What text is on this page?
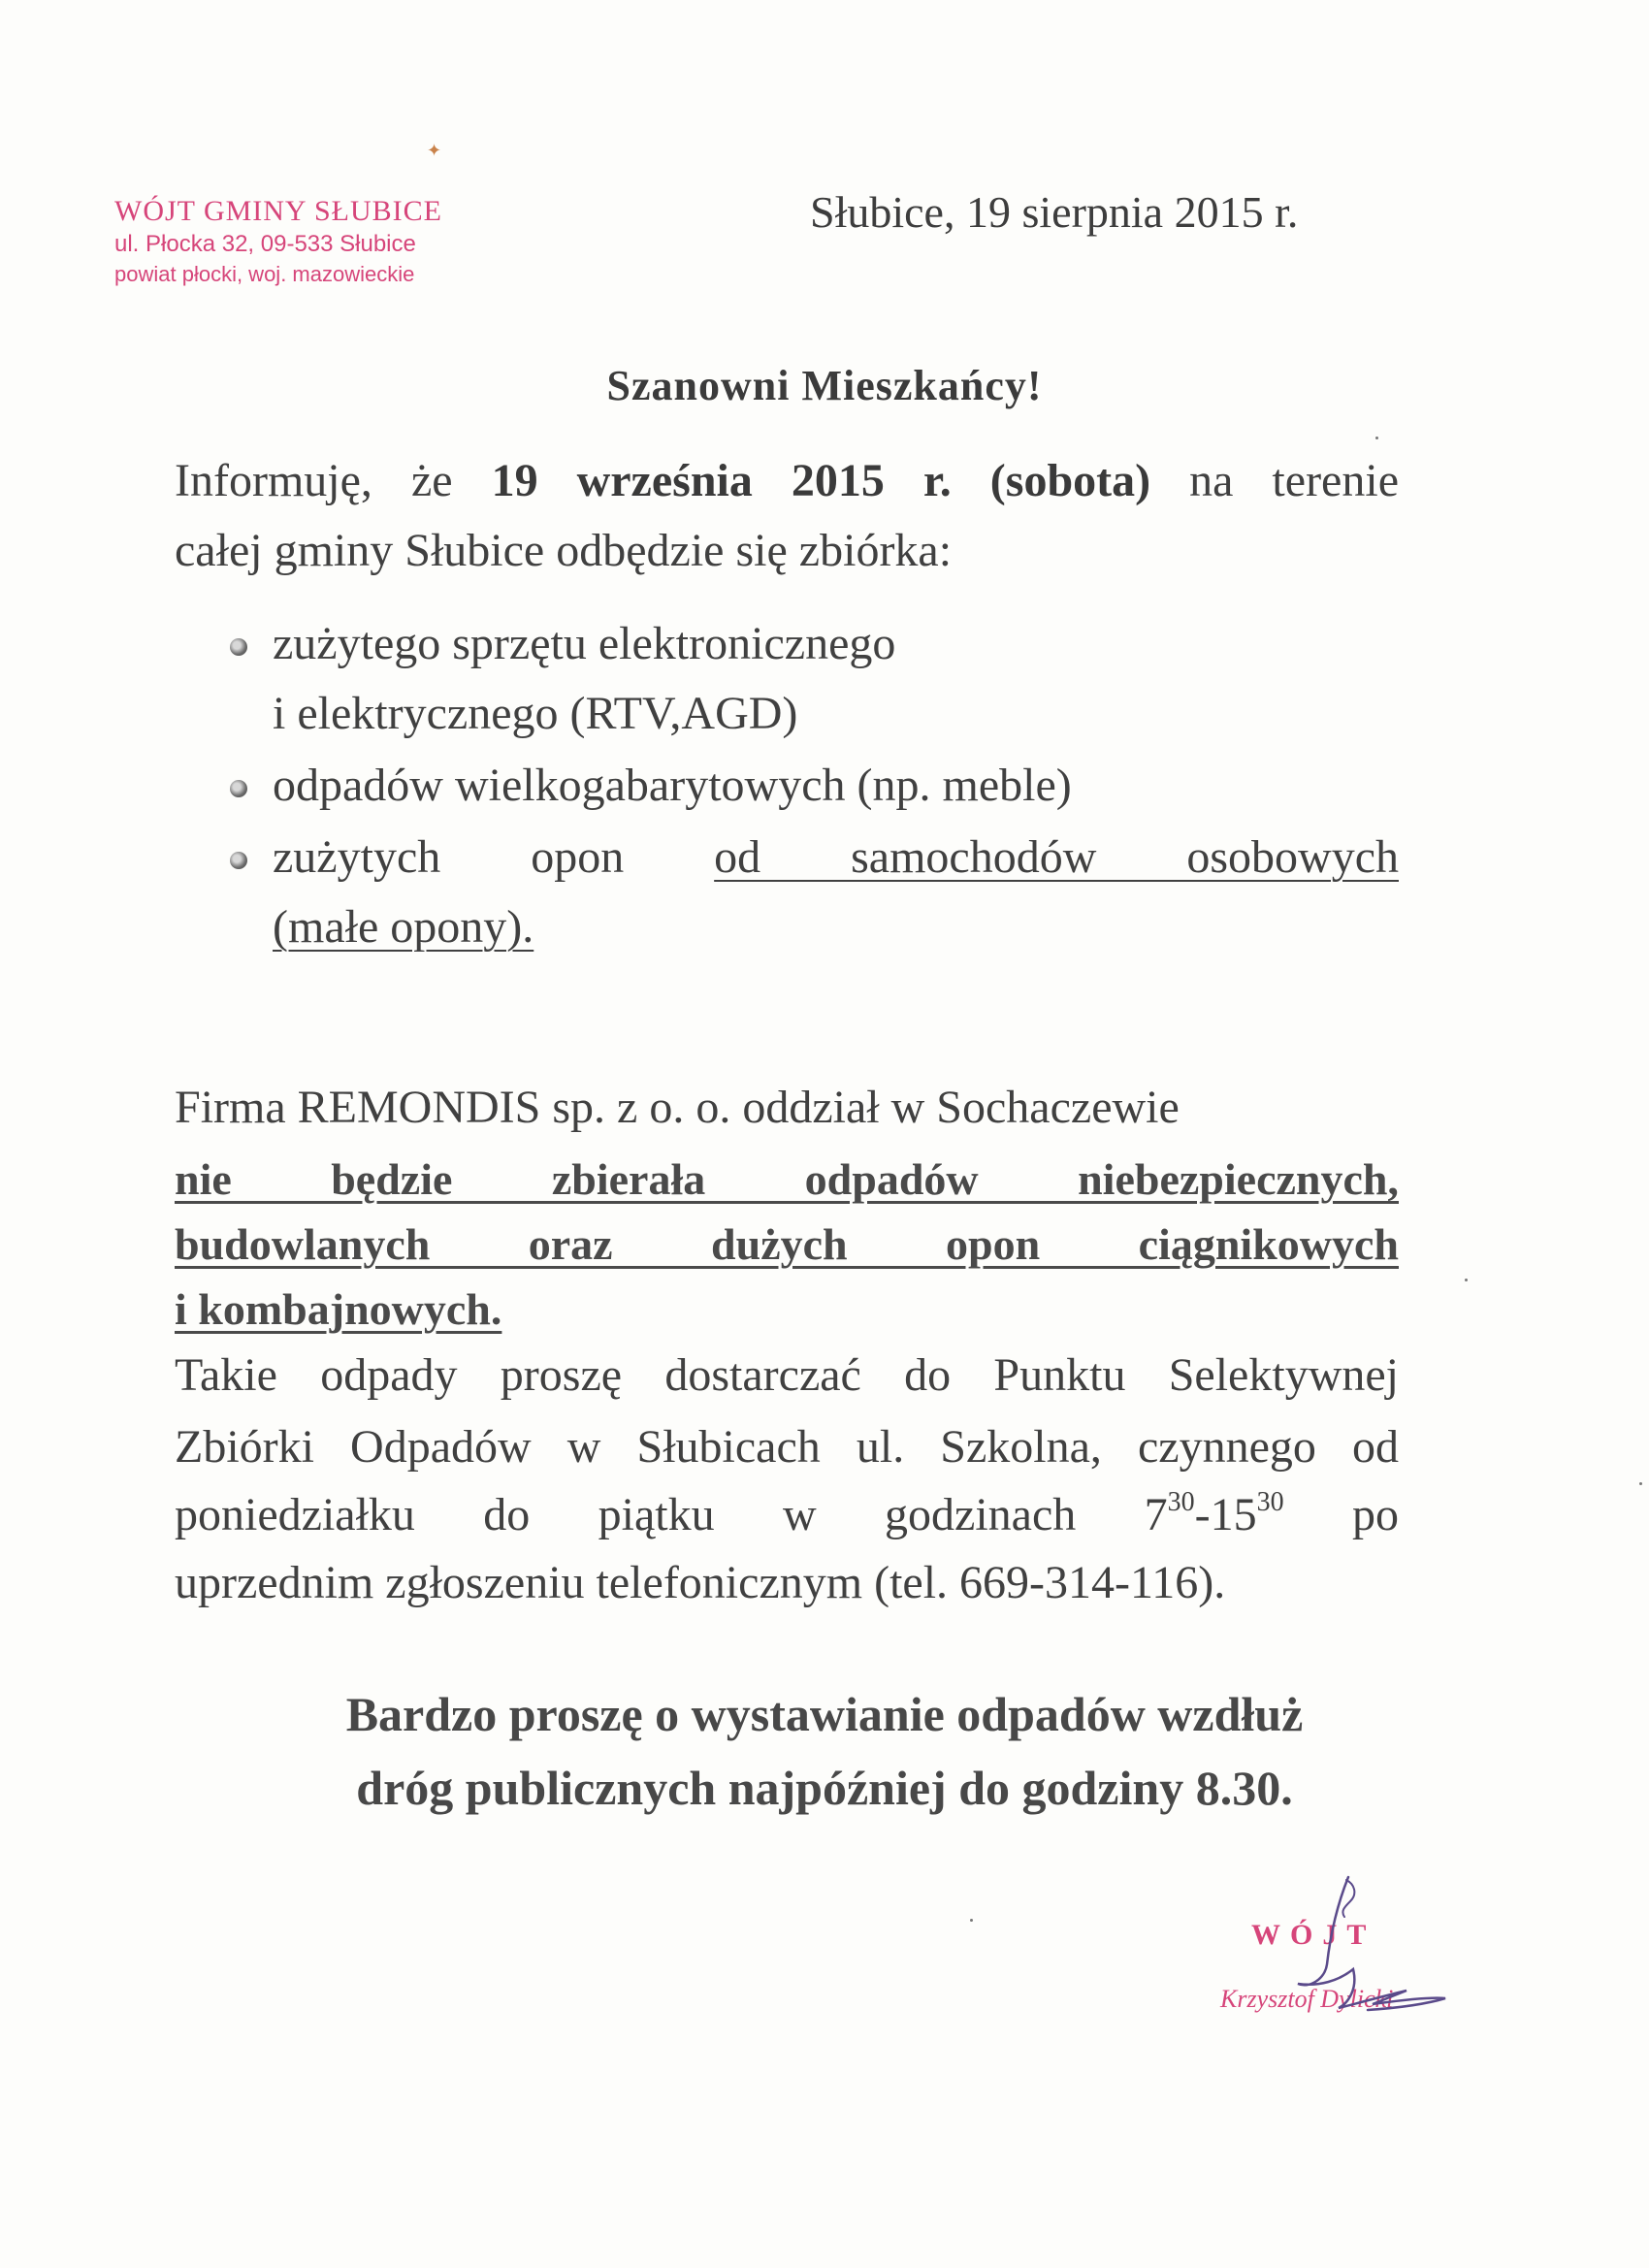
✦
WÓJT GMINY SŁUBICE
ul. Płocka 32, 09-533 Słubice
powiat płocki, woj. mazowieckie
Słubice, 19 sierpnia 2015 r.
Szanowni Mieszkańcy!
Informuję, że 19 września 2015 r. (sobota) na terenie
całej gminy Słubice odbędzie się zbiórka:
zużytego sprzętu elektronicznego
i elektrycznego (RTV,AGD)
odpadów wielkogabarytowych (np. meble)
zużytych opon od samochodów osobowych
(małe opony).
Firma REMONDIS sp. z o. o. oddział w Sochaczewie
nie będzie zbierała odpadów niebezpiecznych,
budowlanych oraz dużych opon ciągnikowych
i kombajnowych.
Takie odpady proszę dostarczać do Punktu Selektywnej
Zbiórki Odpadów w Słubicach ul. Szkolna, czynnego od
poniedziałku do piątku w godzinach $7^{30}-15^{30}$ po
uprzednim zgłoszeniu telefonicznym (tel. 669-314-116).
Bardzo proszę o wystawianie odpadów wzdłuż
dróg publicznych najpóźniej do godziny 8.30.
WÓJT
Krzysztof Dylicki
